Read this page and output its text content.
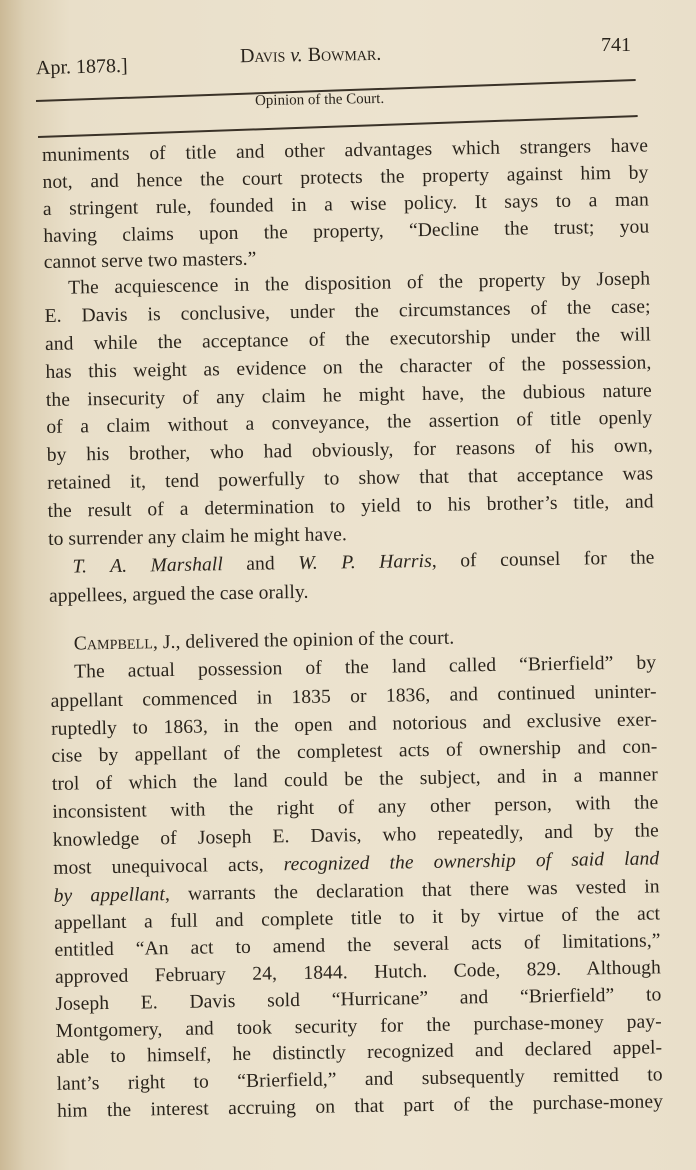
Apr. 1878.]	Davis v. Bowmar.	741
Opinion of the Court.
muniments of title and other advantages which strangers have
not, and hence the court protects the property against him by
a stringent rule, founded in a wise policy. It says to a man
having claims upon the property, “Decline the trust; you
cannot serve two masters.”
The acquiescence in the disposition of the property by Joseph
E. Davis is conclusive, under the circumstances of the case;
and while the acceptance of the executorship under the will
has this weight as evidence on the character of the possession,
the insecurity of any claim he might have, the dubious nature
of a claim without a conveyance, the assertion of title openly
by his brother, who had obviously, for reasons of his own,
retained it, tend powerfully to show that that acceptance was
the result of a determination to yield to his brother’s title, and
to surrender any claim he might have.
T. A. Marshall and W. P. Harris, of counsel for the
appellees, argued the case orally.
Campbell, J., delivered the opinion of the court.
The actual possession of the land called “Brierfield” by
appellant commenced in 1835 or 1836, and continued uninter-
ruptedly to 1863, in the open and notorious and exclusive exer-
cise by appellant of the completest acts of ownership and con-
trol of which the land could be the subject, and in a manner
inconsistent with the right of any other person, with the
knowledge of Joseph E. Davis, who repeatedly, and by the
most unequivocal acts, recognized the ownership of said land
by appellant, warrants the declaration that there was vested in
appellant a full and complete title to it by virtue of the act
entitled “An act to amend the several acts of limitations,”
approved February 24, 1844. Hutch. Code, 829. Although
Joseph E. Davis sold “Hurricane” and “Brierfield” to
Montgomery, and took security for the purchase-money pay-
able to himself, he distinctly recognized and declared appel-
lant’s right to “Brierfield,” and subsequently remitted to
him the interest accruing on that part of the purchase-money
